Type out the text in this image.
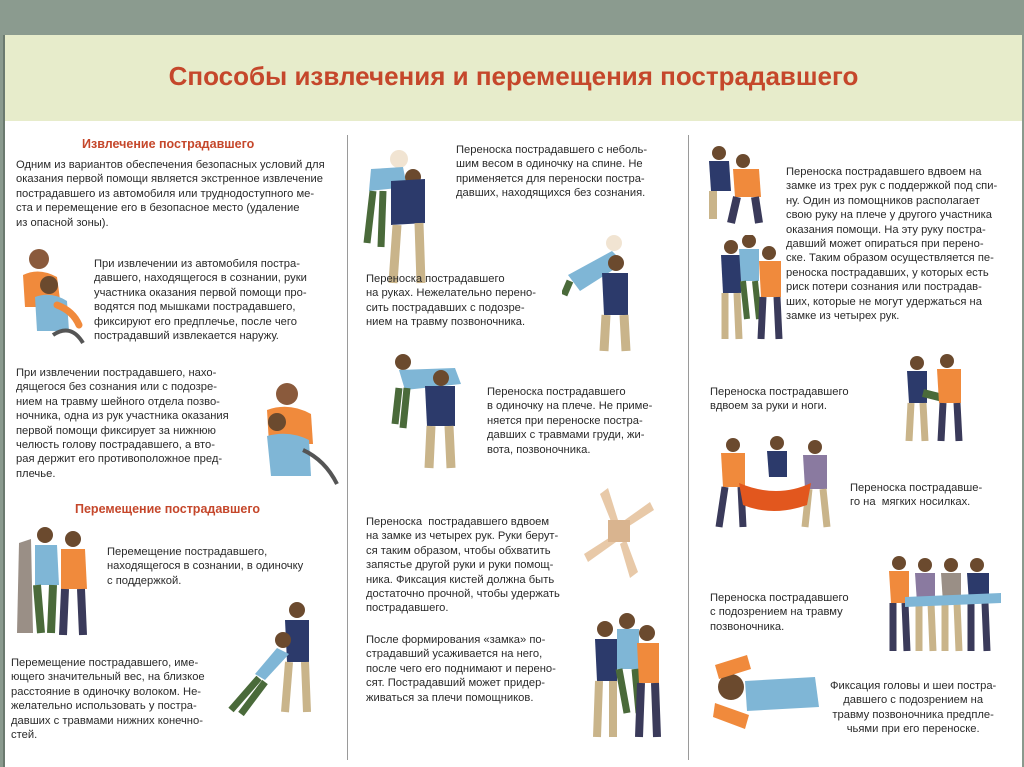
Способы извлечения и перемещения пострадавшего
Извлечение пострадавшего
Одним из вариантов обеспечения безопасных условий для
оказания первой помощи является экстренное извлечение
пострадавшего из автомобиля или труднодоступного ме-
ста и перемещение его в безопасное место (удаление
из опасной зоны).
При извлечении из автомобиля постра-
давшего, находящегося в сознании, руки
участника оказания первой помощи про-
водятся под мышками пострадавшего,
фиксируют его предплечье, после чего
пострадавший извлекается наружу.
При извлечении пострадавшего, нахо-
дящегося без сознания или с подозре-
нием на травму шейного отдела позво-
ночника, одна из рук участника оказания
первой помощи фиксирует за нижнюю
челюсть голову пострадавшего, а вто-
рая держит его противоположное пред-
плечье.
Перемещение пострадавшего
Перемещение пострадавшего,
находящегося в сознании, в одиночку
с поддержкой.
Перемещение пострадавшего, име-
ющего значительный вес, на близкое
расстояние в одиночку волоком. Не-
желательно использовать у постра-
давших с травмами нижних конечно-
стей.
Переноска пострадавшего с неболь-
шим весом в одиночку на спине. Не
применяется для переноски постра-
давших, находящихся без сознания.
Переноска пострадавшего
на руках. Нежелательно перено-
сить пострадавших с подозре-
нием на травму позвоночника.
Переноска пострадавшего
в одиночку на плече. Не приме-
няется при переноске постра-
давших с травмами груди, жи-
вота, позвоночника.
Переноска  пострадавшего вдвоем
на замке из четырех рук. Руки берут-
ся таким образом, чтобы обхватить
запястье другой руки и руки помощ-
ника. Фиксация кистей должна быть
достаточно прочной, чтобы удержать
пострадавшего.
После формирования «замка» по-
страдавший усаживается на него,
после чего его поднимают и перено-
сят. Пострадавший может придер-
живаться за плечи помощников.
Переноска пострадавшего вдвоем на
замке из трех рук с поддержкой под спи-
ну. Один из помощников располагает
свою руку на плече у другого участника
оказания помощи. На эту руку постра-
давший может опираться при перено-
ске. Таким образом осуществляется пе-
реноска пострадавших, у которых есть
риск потери сознания или пострадав-
ших, которые не могут удержаться на
замке из четырех рук.
Переноска пострадавшего
вдвоем за руки и ноги.
Переноска пострадавше-
го на  мягких носилках.
Переноска пострадавшего
с подозрением на травму
позвоночника.
Фиксация головы и шеи постра-
давшего с подозрением на
травму позвоночника предплe-
чьями при его переноске.
